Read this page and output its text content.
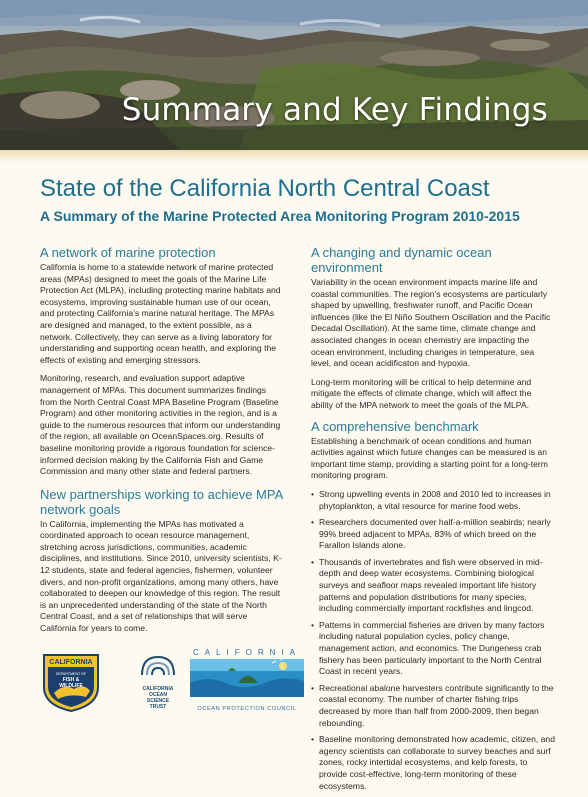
Summary and Key Findings
State of the California North Central Coast
A Summary of the Marine Protected Area Monitoring Program 2010-2015
A network of marine protection

California is home to a statewide network of marine protected areas (MPAs) designed to meet the goals of the Marine Life Protection Act (MLPA), including protecting marine habitats and ecosystems, improving sustainable human use of our ocean, and protecting California’s marine natural heritage. The MPAs are designed and managed, to the extent possible, as a network. Collectively, they can serve as a living laboratory for understanding and supporting ocean health, and exploring the effects of existing and emerging stressors.

Monitoring, research, and evaluation support adaptive management of MPAs. This document summarizes findings from the North Central Coast MPA Baseline Program (Baseline Program) and other monitoring activities in the region, and is a guide to the numerous resources that inform our understanding of the region, all available on OceanSpaces.org. Results of baseline monitoring provide a rigorous foundation for science-informed decision making by the California Fish and Game Commission and many other state and federal partners.

New partnerships working to achieve MPA network goals

In California, implementing the MPAs has motivated a coordinated approach to ocean resource management, stretching across jurisdictions, communities, academic disciplines, and institutions. Since 2010, university scientists, K-12 students, state and federal agencies, fishermen, volunteer divers, and non-profit organizations, among many others, have collaborated to deepen our knowledge of this region. The result is an unprecedented understanding of the state of the North Central Coast, and a set of relationships that will serve California for years to come.

CALIFORNIA
DEPARTMENT OF
FISH &
WILDLIFE	CALIFORNIA
OCEAN
SCIENCE
TRUST
CALIFORNIA
OCEAN PROTECTION COUNCIL
A changing and dynamic ocean environment

Variability in the ocean environment impacts marine life and coastal communities. The region’s ecosystems are particularly shaped by upwelling, freshwater runoff, and Pacific Ocean influences (like the El Niño Southern Oscillation and the Pacific Decadal Oscillation). At the same time, climate change and associated changes in ocean chemistry are impacting the ocean environment, including changes in temperature, sea level, and ocean acidificaton and hypoxia.

Long-term monitoring will be critical to help determine and mitigate the effects of climate change, which will affect the ability of the MPA network to meet the goals of the MLPA.

A comprehensive benchmark

Establishing a benchmark of ocean conditions and human activities against which future changes can be measured is an important time stamp, providing a starting point for a long-term monitoring program.

• Strong upwelling events in 2008 and 2010 led to increases in phytoplankton, a vital resource for marine food webs.
• Researchers documented over half-a-million seabirds; nearly 99% breed adjacent to MPAs, 83% of which breed on the Farallon Islands alone.
• Thousands of invertebrates and fish were observed in mid-depth and deep water ecosystems. Combining biological surveys and seafloor maps revealed important life history patterns and population distributions for many species, including commercially important rockfishes and lingcod.
• Patterns in commercial fisheries are driven by many factors including natural population cycles, policy change, management action, and economics. The Dungeness crab fishery has been particularly important to the North Central Coast in recent years.
• Recreational abalone harvesters contribute significantly to the coastal economy. The number of charter fishing trips decreased by more than half from 2000-2009, then began rebounding.
• Baseline monitoring demonstrated how academic, citizen, and agency scientists can collaborate to survey beaches and surf zones, rocky intertidal ecosystems, and kelp forests, to provide cost-effective, long-term monitoring of these ecosystems.
